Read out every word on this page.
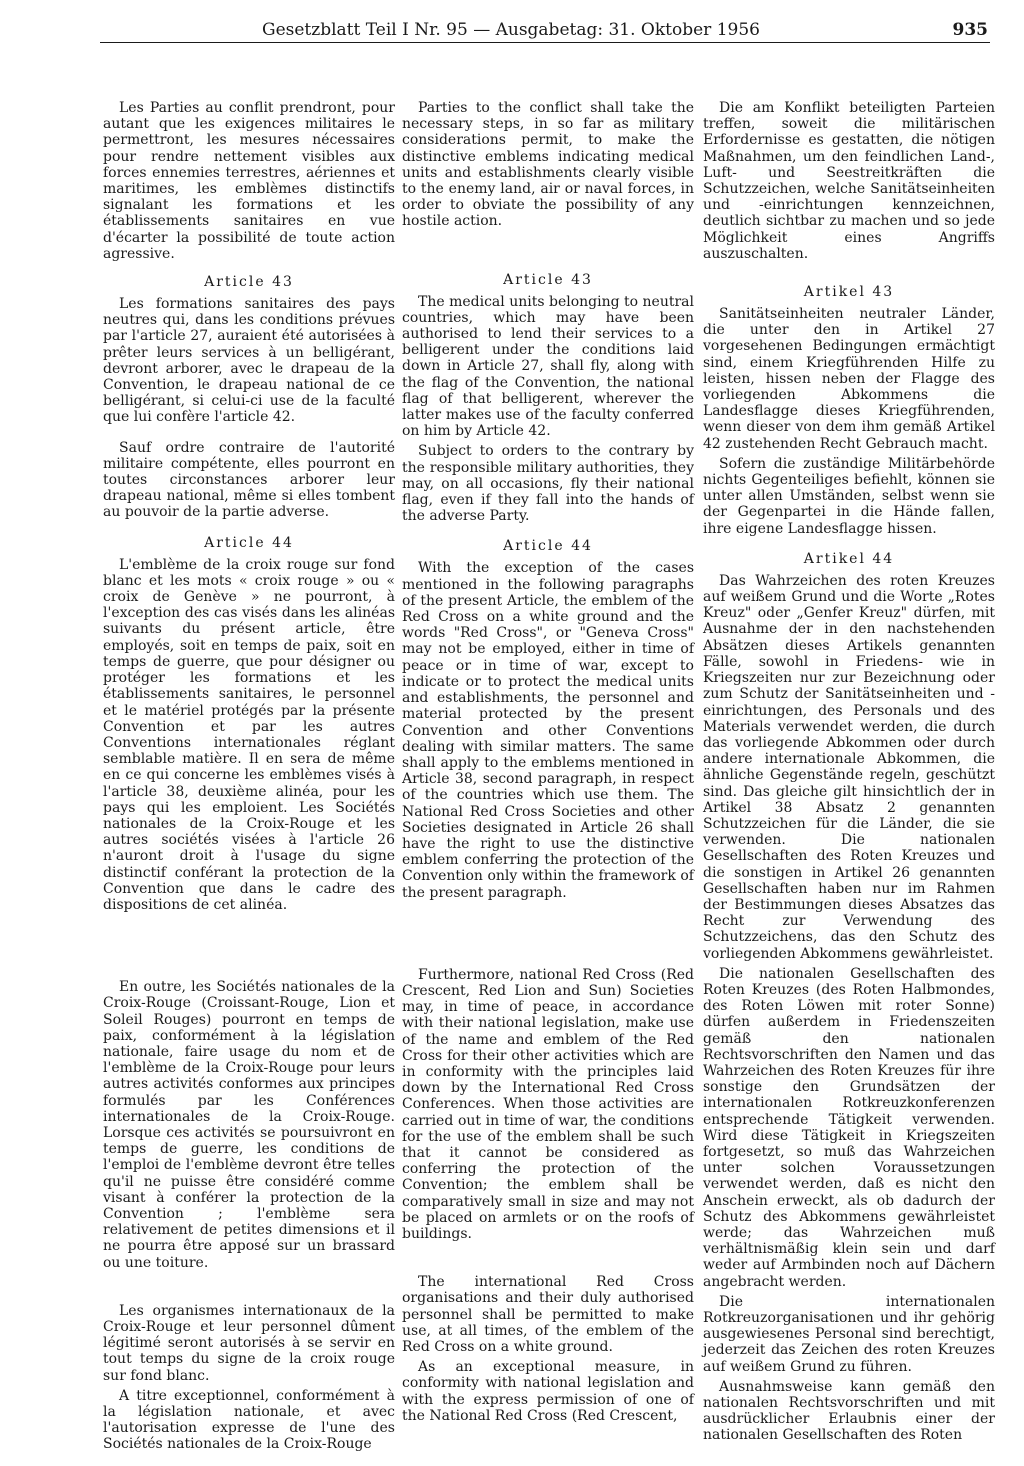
Gesetzblatt Teil I Nr. 95 — Ausgabetag: 31. Oktober 1956	935

Les Parties au conflit prendront, pour autant que les exigences militaires le permettront, les mesures nécessaires pour rendre nettement visibles aux forces ennemies terrestres, aériennes et maritimes, les emblèmes distinctifs signalant les formations et les établissements sanitaires en vue d'écarter la possibilité de toute action agressive.

Article 43

Les formations sanitaires des pays neutres qui, dans les conditions prévues par l'article 27, auraient été autorisées à prêter leurs services à un belligérant, devront arborer, avec le drapeau de la Convention, le drapeau national de ce belligérant, si celui-ci use de la faculté que lui confère l'article 42.

Sauf ordre contraire de l'autorité militaire compétente, elles pourront en toutes circonstances arborer leur drapeau national, même si elles tombent au pouvoir de la partie adverse.

Article 44

L'emblème de la croix rouge sur fond blanc et les mots « croix rouge » ou « croix de Genève » ne pourront, à l'exception des cas visés dans les alinéas suivants du présent article, être employés, soit en temps de paix, soit en temps de guerre, que pour désigner ou protéger les formations et les établissements sanitaires, le personnel et le matériel protégés par la présente Convention et par les autres Conventions internationales réglant semblable matière. Il en sera de même en ce qui concerne les emblèmes visés à l'article 38, deuxième alinéa, pour les pays qui les emploient. Les Sociétés nationales de la Croix-Rouge et les autres sociétés visées à l'article 26 n'auront droit à l'usage du signe distinctif conférant la protection de la Convention que dans le cadre des dispositions de cet alinéa.

En outre, les Sociétés nationales de la Croix-Rouge (Croissant-Rouge, Lion et Soleil Rouges) pourront en temps de paix, conformément à la législation nationale, faire usage du nom et de l'emblème de la Croix-Rouge pour leurs autres activités conformes aux principes formulés par les Conférences internationales de la Croix-Rouge. Lorsque ces activités se poursuivront en temps de guerre, les conditions de l'emploi de l'emblème devront être telles qu'il ne puisse être considéré comme visant à conférer la protection de la Convention ; l'emblème sera relativement de petites dimensions et il ne pourra être apposé sur un brassard ou une toiture.

Les organismes internationaux de la Croix-Rouge et leur personnel dûment légitimé seront autorisés à se servir en tout temps du signe de la croix rouge sur fond blanc.

A titre exceptionnel, conformément à la législation nationale, et avec l'autorisation expresse de l'une des Sociétés nationales de la Croix-Rouge

Parties to the conflict shall take the necessary steps, in so far as military considerations permit, to make the distinctive emblems indicating medical units and establishments clearly visible to the enemy land, air or naval forces, in order to obviate the possibility of any hostile action.

Article 43

The medical units belonging to neutral countries, which may have been authorised to lend their services to a belligerent under the conditions laid down in Article 27, shall fly, along with the flag of the Convention, the national flag of that belligerent, wherever the latter makes use of the faculty conferred on him by Article 42.

Subject to orders to the contrary by the responsible military authorities, they may, on all occasions, fly their national flag, even if they fall into the hands of the adverse Party.

Article 44

With the exception of the cases mentioned in the following paragraphs of the present Article, the emblem of the Red Cross on a white ground and the words "Red Cross", or "Geneva Cross" may not be employed, either in time of peace or in time of war, except to indicate or to protect the medical units and establishments, the personnel and material protected by the present Convention and other Conventions dealing with similar matters. The same shall apply to the emblems mentioned in Article 38, second paragraph, in respect of the countries which use them. The National Red Cross Societies and other Societies designated in Article 26 shall have the right to use the distinctive emblem conferring the protection of the Convention only within the framework of the present paragraph.

Furthermore, national Red Cross (Red Crescent, Red Lion and Sun) Societies may, in time of peace, in accordance with their national legislation, make use of the name and emblem of the Red Cross for their other activities which are in conformity with the principles laid down by the International Red Cross Conferences. When those activities are carried out in time of war, the conditions for the use of the emblem shall be such that it cannot be considered as conferring the protection of the Convention; the emblem shall be comparatively small in size and may not be placed on armlets or on the roofs of buildings.

The international Red Cross organisations and their duly authorised personnel shall be permitted to make use, at all times, of the emblem of the Red Cross on a white ground.

As an exceptional measure, in conformity with national legislation and with the express permission of one of the National Red Cross (Red Crescent,

Die am Konflikt beteiligten Parteien treffen, soweit die militärischen Erfordernisse es gestatten, die nötigen Maßnahmen, um den feindlichen Land-, Luft- und Seestreitkräften die Schutzzeichen, welche Sanitätseinheiten und -einrichtungen kennzeichnen, deutlich sichtbar zu machen und so jede Möglichkeit eines Angriffs auszuschalten.

Artikel 43

Sanitätseinheiten neutraler Länder, die unter den in Artikel 27 vorgesehenen Bedingungen ermächtigt sind, einem Kriegführenden Hilfe zu leisten, hissen neben der Flagge des vorliegenden Abkommens die Landesflagge dieses Kriegführenden, wenn dieser von dem ihm gemäß Artikel 42 zustehenden Recht Gebrauch macht.

Sofern die zuständige Militärbehörde nichts Gegenteiliges befiehlt, können sie unter allen Umständen, selbst wenn sie der Gegenpartei in die Hände fallen, ihre eigene Landesflagge hissen.

Artikel 44

Das Wahrzeichen des roten Kreuzes auf weißem Grund und die Worte „Rotes Kreuz" oder „Genfer Kreuz" dürfen, mit Ausnahme der in den nachstehenden Absätzen dieses Artikels genannten Fälle, sowohl in Friedens- wie in Kriegszeiten nur zur Bezeichnung oder zum Schutz der Sanitätseinheiten und -einrichtungen, des Personals und des Materials verwendet werden, die durch das vorliegende Abkommen oder durch andere internationale Abkommen, die ähnliche Gegenstände regeln, geschützt sind. Das gleiche gilt hinsichtlich der in Artikel 38 Absatz 2 genannten Schutzzeichen für die Länder, die sie verwenden. Die nationalen Gesellschaften des Roten Kreuzes und die sonstigen in Artikel 26 genannten Gesellschaften haben nur im Rahmen der Bestimmungen dieses Absatzes das Recht zur Verwendung des Schutzzeichens, das den Schutz des vorliegenden Abkommens gewährleistet.

Die nationalen Gesellschaften des Roten Kreuzes (des Roten Halbmondes, des Roten Löwen mit roter Sonne) dürfen außerdem in Friedenszeiten gemäß den nationalen Rechtsvorschriften den Namen und das Wahrzeichen des Roten Kreuzes für ihre sonstige den Grundsätzen der internationalen Rotkreuzkonferenzen entsprechende Tätigkeit verwenden. Wird diese Tätigkeit in Kriegszeiten fortgesetzt, so muß das Wahrzeichen unter solchen Voraussetzungen verwendet werden, daß es nicht den Anschein erweckt, als ob dadurch der Schutz des Abkommens gewährleistet werde; das Wahrzeichen muß verhältnismäßig klein sein und darf weder auf Armbinden noch auf Dächern angebracht werden.

Die internationalen Rotkreuzorganisationen und ihr gehörig ausgewiesenes Personal sind berechtigt, jederzeit das Zeichen des roten Kreuzes auf weißem Grund zu führen.

Ausnahmsweise kann gemäß den nationalen Rechtsvorschriften und mit ausdrücklicher Erlaubnis einer der nationalen Gesellschaften des Roten
